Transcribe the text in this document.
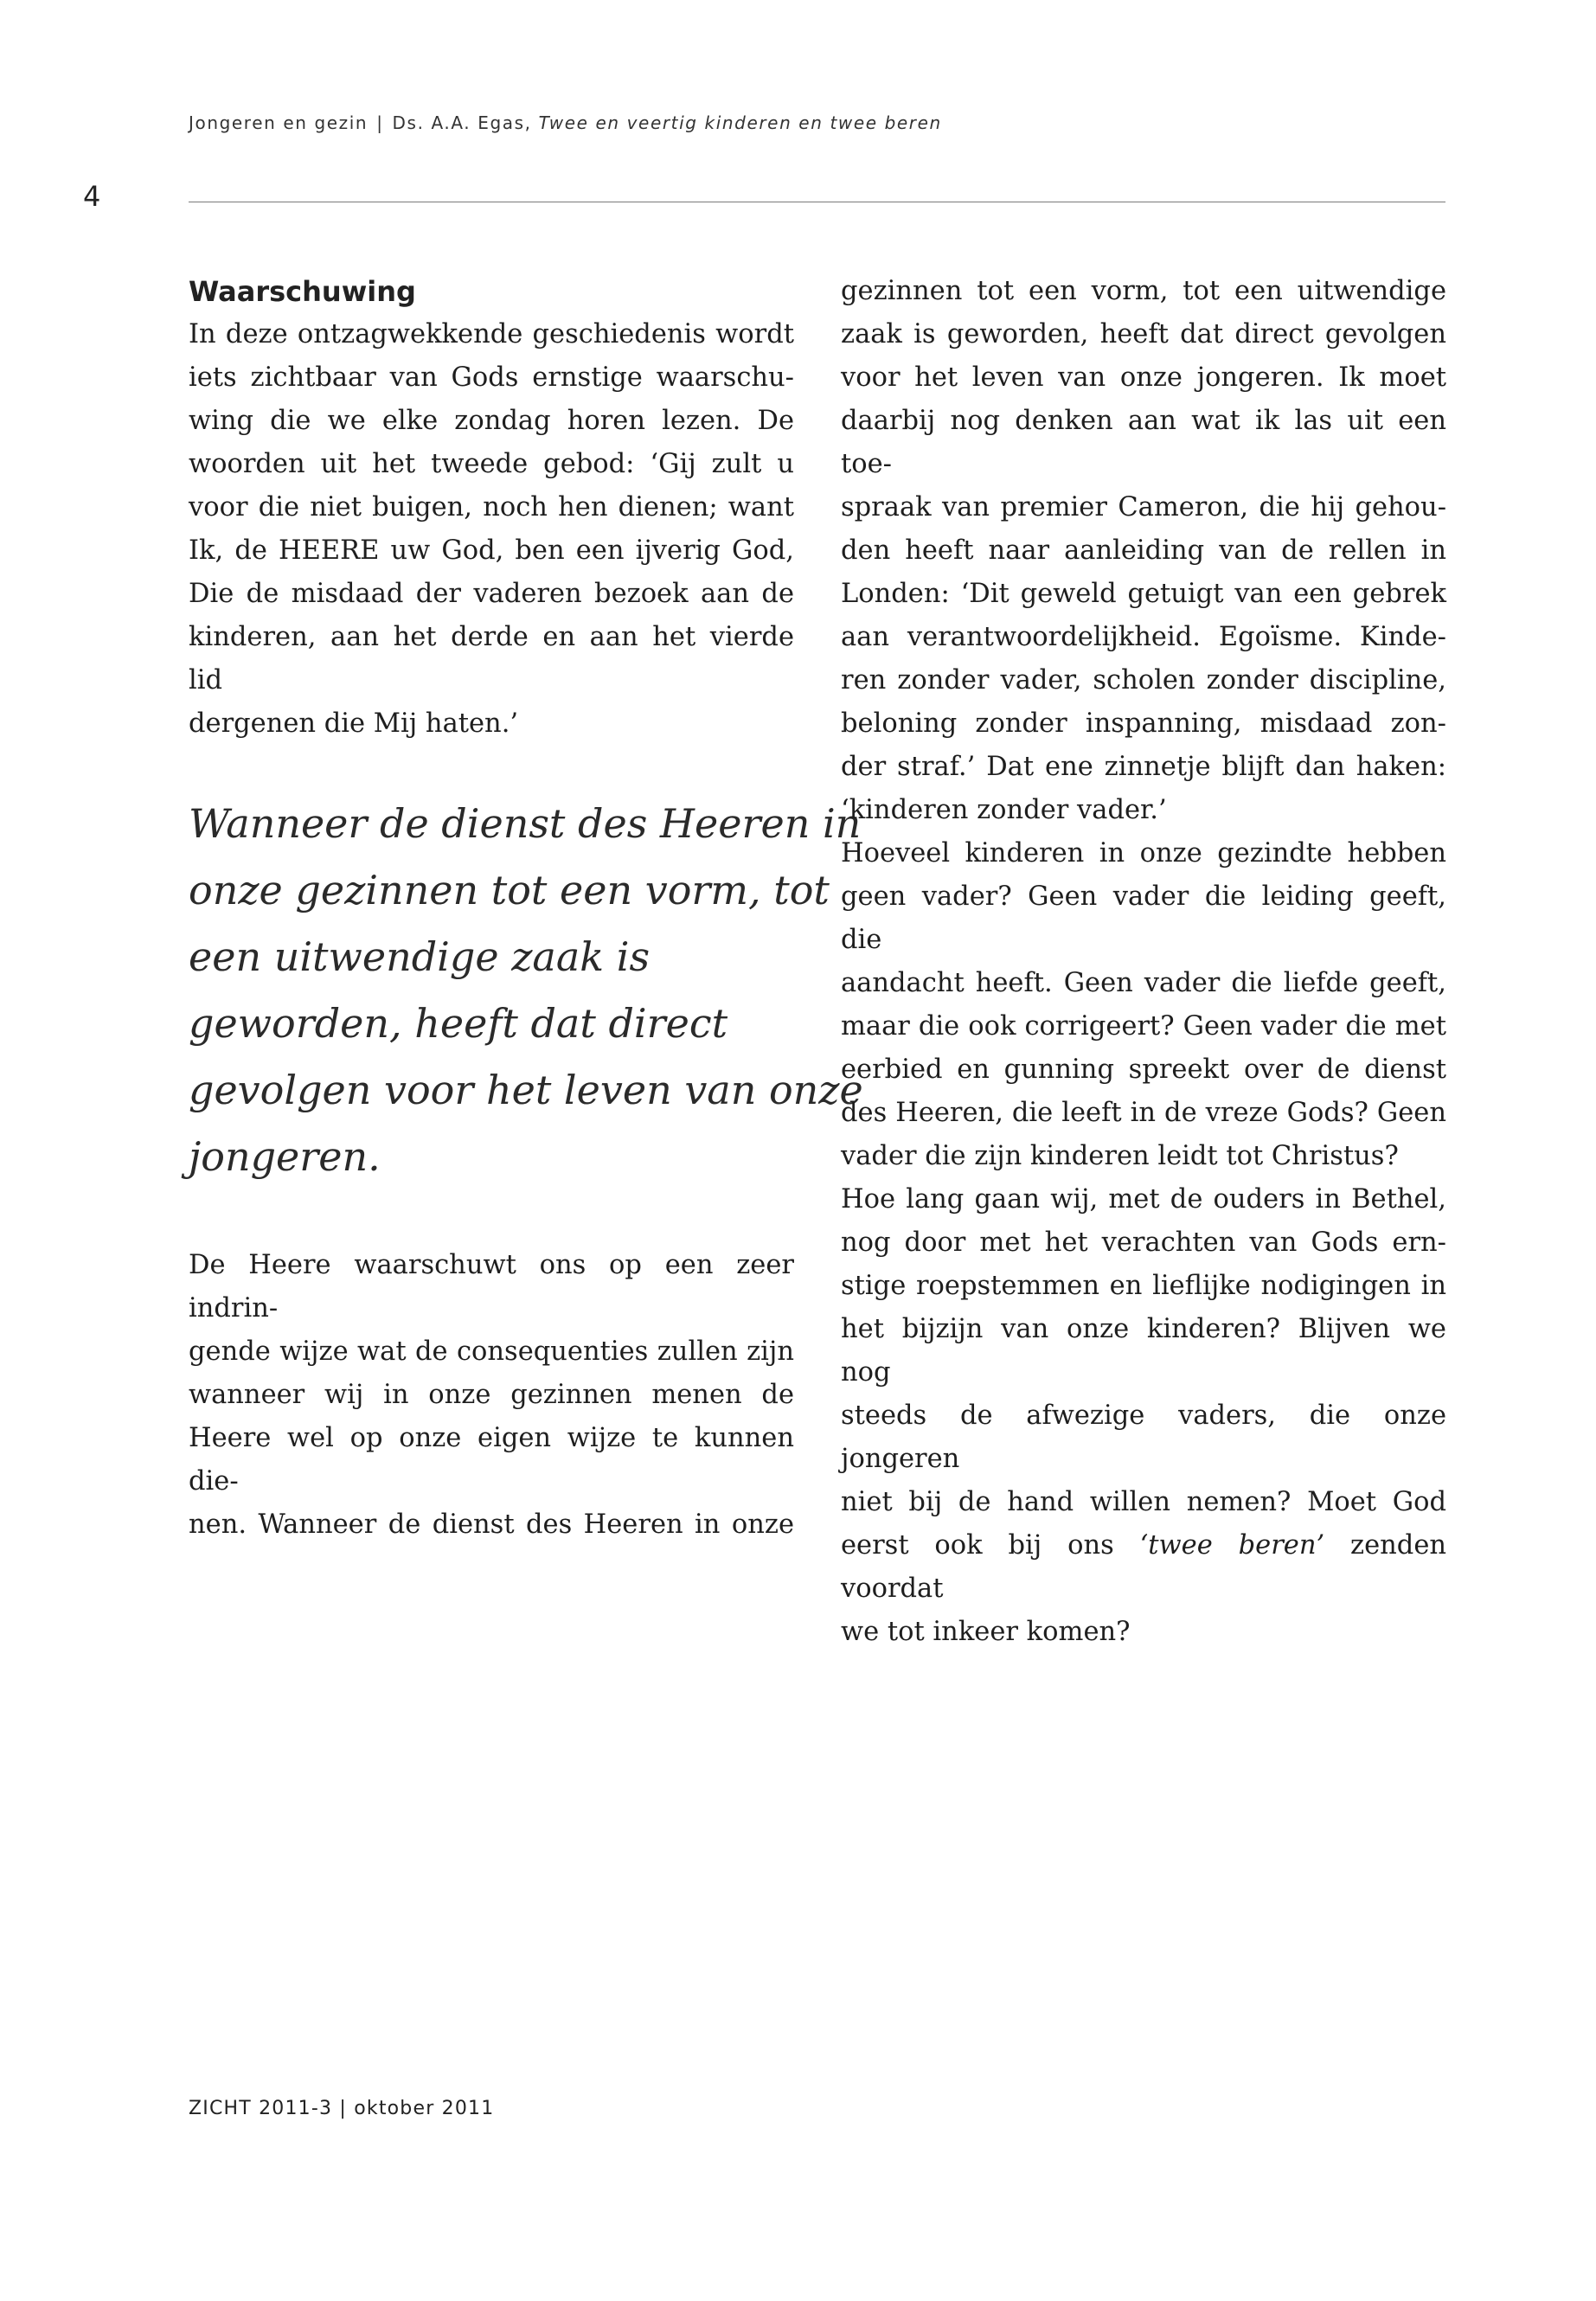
Jongeren en gezin | Ds. A.A. Egas, Twee en veertig kinderen en twee beren
4
Waarschuwing

In deze ontzagwekkende geschiedenis wordt

iets zichtbaar van Gods ernstige waarschu-

wing die we elke zondag horen lezen. De

woorden uit het tweede gebod: ‘Gij zult u

voor die niet buigen, noch hen dienen; want

Ik, de HEERE uw God, ben een ijverig God,

Die de misdaad der vaderen bezoek aan de

kinderen, aan het derde en aan het vierde lid

dergenen die Mij haten.’

Wanneer de dienst des Heeren in

onze gezinnen tot een vorm, tot

een uitwendige zaak is

geworden, heeft dat direct

gevolgen voor het leven van onze

jongeren.

De Heere waarschuwt ons op een zeer indrin-

gende wijze wat de consequenties zullen zijn

wanneer wij in onze gezinnen menen de

Heere wel op onze eigen wijze te kunnen die-

nen. Wanneer de dienst des Heeren in onze

gezinnen tot een vorm, tot een uitwendige

zaak is geworden, heeft dat direct gevolgen

voor het leven van onze jongeren. Ik moet

daarbij nog denken aan wat ik las uit een toe-

spraak van premier Cameron, die hij gehou-

den heeft naar aanleiding van de rellen in

Londen: ‘Dit geweld getuigt van een gebrek

aan verantwoordelijkheid. Egoïsme. Kinde-

ren zonder vader, scholen zonder discipline,

beloning zonder inspanning, misdaad zon-

der straf.’ Dat ene zinnetje blijft dan haken:

‘kinderen zonder vader.’

Hoeveel kinderen in onze gezindte hebben

geen vader? Geen vader die leiding geeft, die

aandacht heeft. Geen vader die liefde geeft,

maar die ook corrigeert? Geen vader die met

eerbied en gunning spreekt over de dienst

des Heeren, die leeft in de vreze Gods? Geen

vader die zijn kinderen leidt tot Christus?

Hoe lang gaan wij, met de ouders in Bethel,

nog door met het verachten van Gods ern-

stige roepstemmen en lieflijke nodigingen in

het bijzijn van onze kinderen? Blijven we nog

steeds de afwezige vaders, die onze jongeren

niet bij de hand willen nemen? Moet God

eerst ook bij ons ‘twee beren’ zenden voordat

we tot inkeer komen?

ZICHT 2011-3 | oktober 2011
